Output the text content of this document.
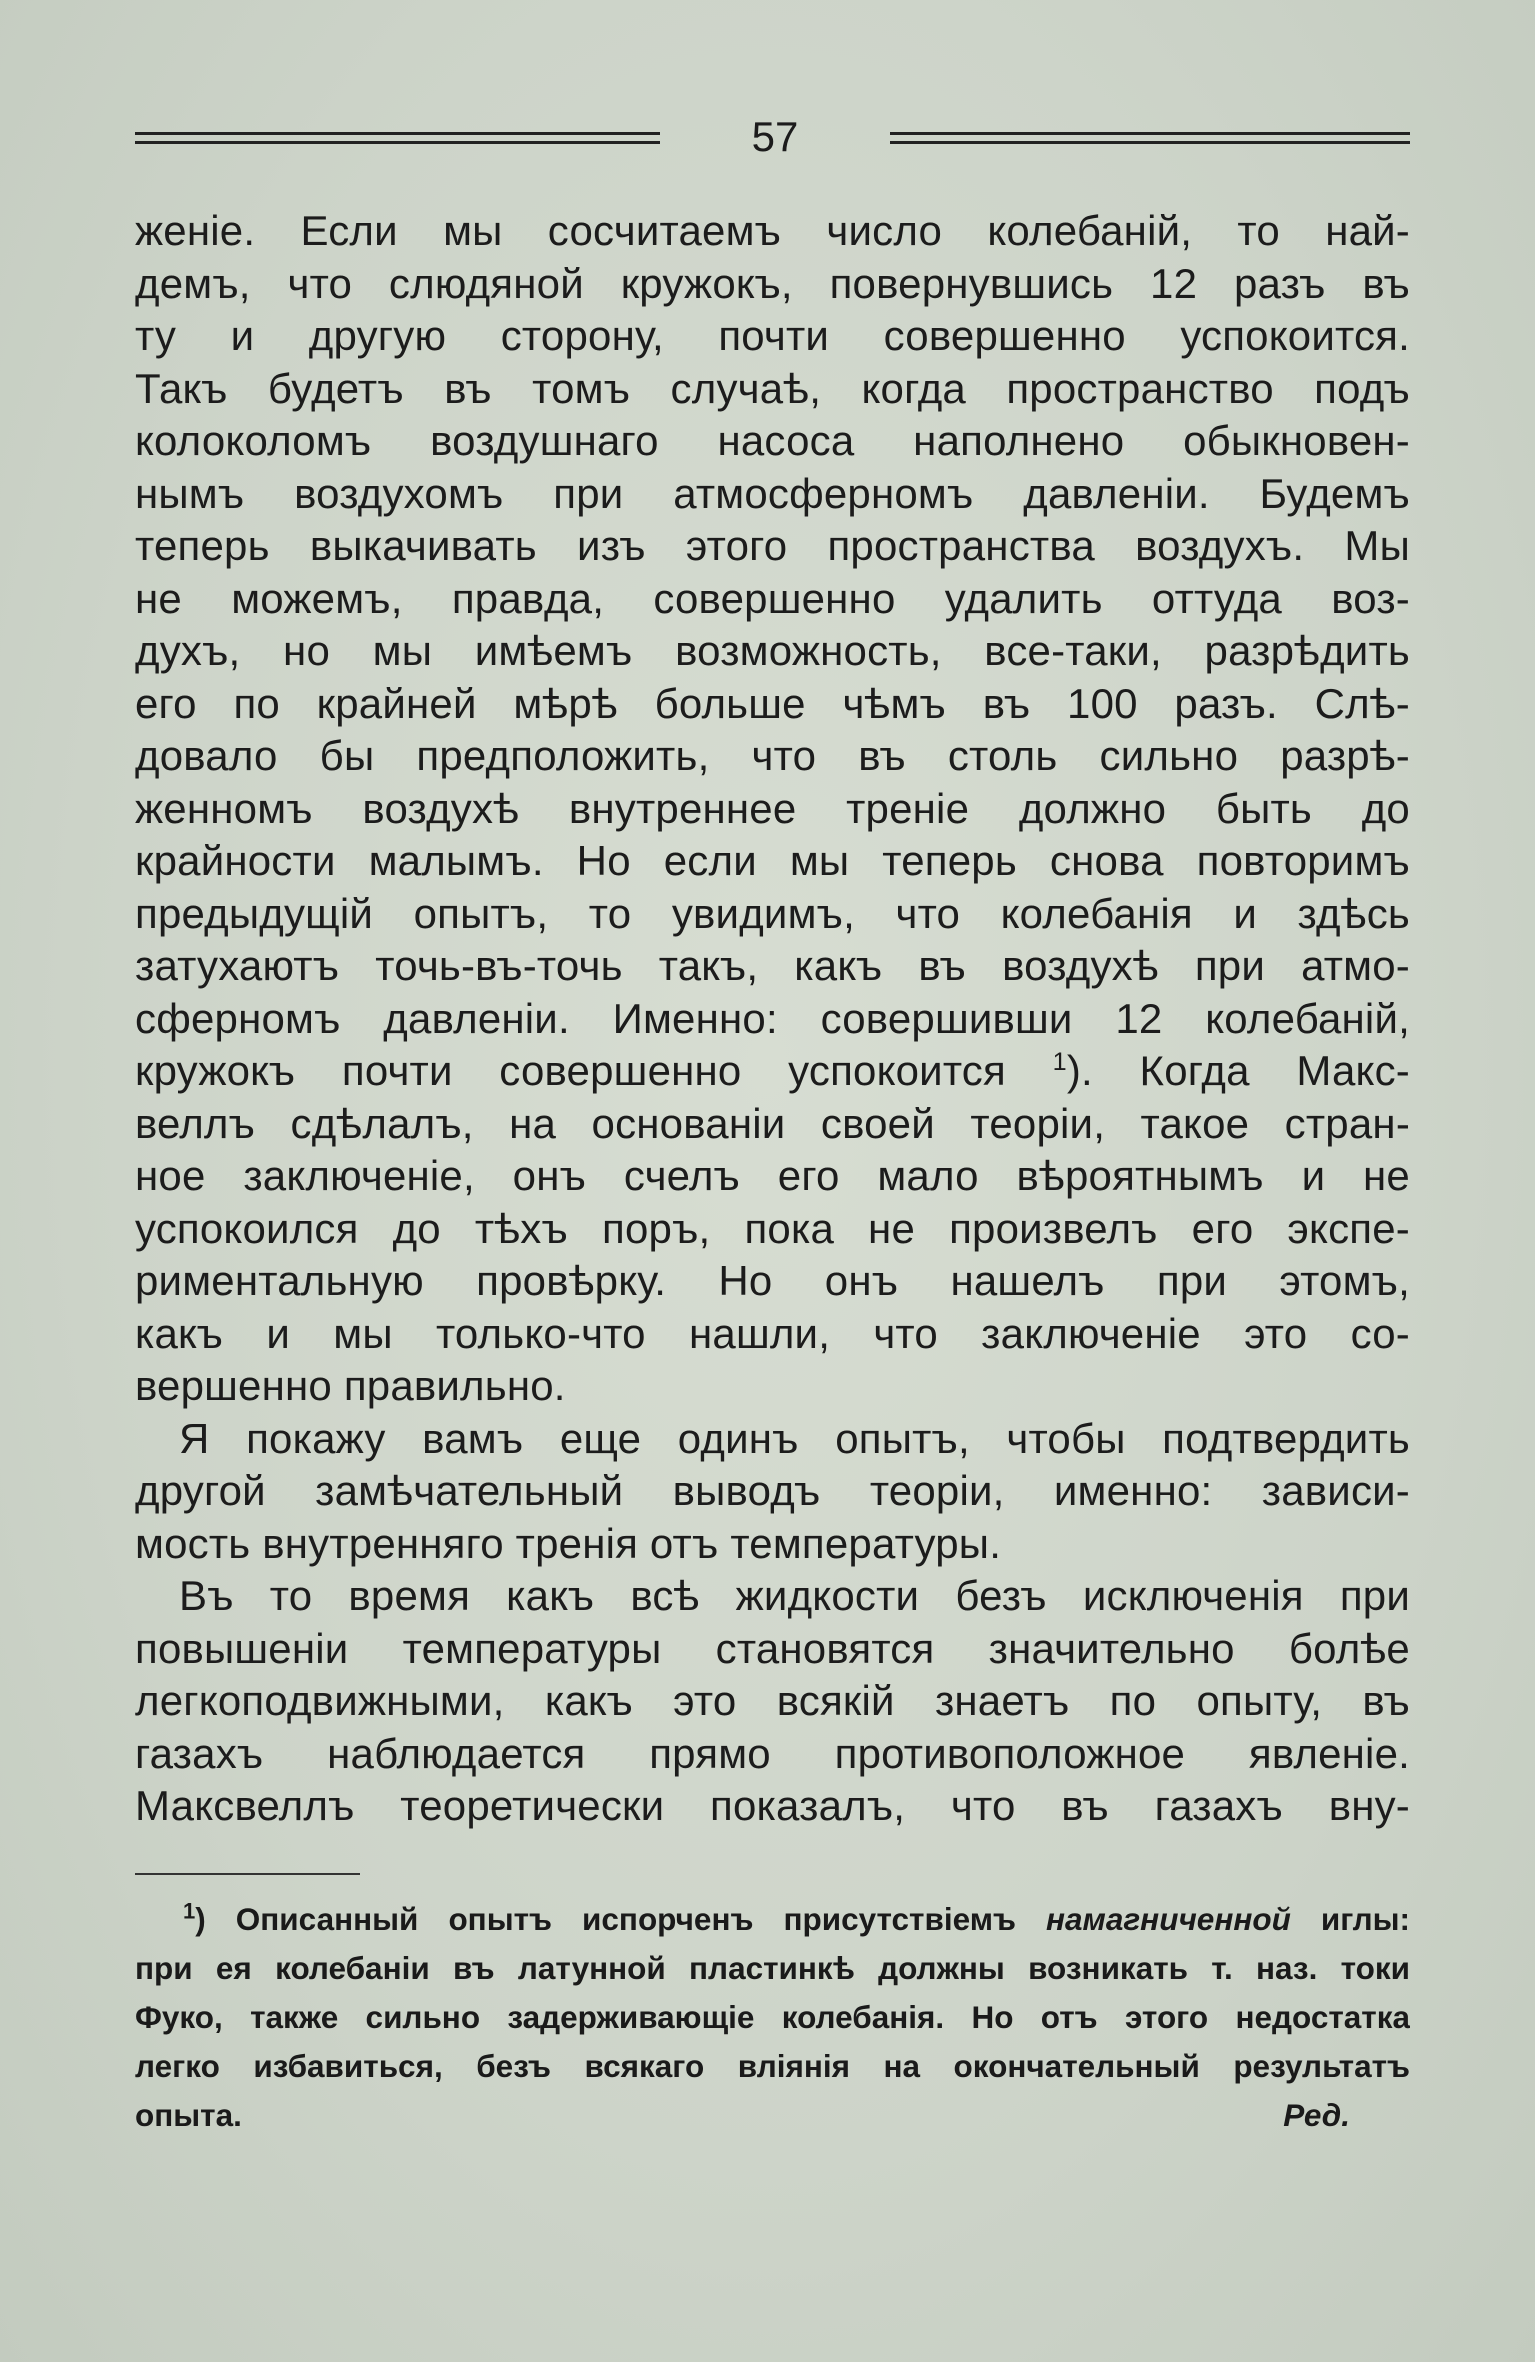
57
женіе. Если мы сосчитаемъ число колебаній, то най-
демъ, что слюдяной кружокъ, повернувшись 12 разъ въ
ту и другую сторону, почти совершенно успокоится.
Такъ будетъ въ томъ случаѣ, когда пространство подъ
колоколомъ воздушнаго насоса наполнено обыкновен-
нымъ воздухомъ при атмосферномъ давленіи. Будемъ
теперь выкачивать изъ этого пространства воздухъ. Мы
не можемъ, правда, совершенно удалить оттуда воз-
духъ, но мы имѣемъ возможность, все-таки, разрѣдить
его по крайней мѣрѣ больше чѣмъ въ 100 разъ. Слѣ-
довало бы предположить, что въ столь сильно разрѣ-
женномъ воздухѣ внутреннее треніе должно быть до
крайности малымъ. Но если мы теперь снова повторимъ
предыдущій опытъ, то увидимъ, что колебанія и здѣсь
затухаютъ точь-въ-точь такъ, какъ въ воздухѣ при атмо-
сферномъ давленіи. Именно: совершивши 12 колебаній,
кружокъ почти совершенно успокоится $^1$). Когда Макс-
веллъ сдѣлалъ, на основаніи своей теоріи, такое стран-
ное заключеніе, онъ счелъ его мало вѣроятнымъ и не
успокоился до тѣхъ поръ, пока не произвелъ его экспе-
риментальную провѣрку. Но онъ нашелъ при этомъ,
какъ и мы только-что нашли, что заключеніе это со-
вершенно правильно.
Я покажу вамъ еще одинъ опытъ, чтобы подтвердить
другой замѣчательный выводъ теоріи, именно: зависи-
мость внутренняго тренія отъ температуры.
Въ то время какъ всѣ жидкости безъ исключенія при
повышеніи температуры становятся значительно болѣе
легкоподвижными, какъ это всякій знаетъ по опыту, въ
газахъ наблюдается прямо противоположное явленіе.
Максвеллъ теоретически показалъ, что въ газахъ вну-
$^1$) Описанный опытъ испорченъ присутствіемъ намагниченной иглы:
при ея колебаніи въ латунной пластинкѣ должны возникать т. наз. токи
Фуко, также сильно задерживающіе колебанія. Но отъ этого недостатка
легко избавиться, безъ всякаго вліянія на окончательный результатъ
опыта.	Ред.
